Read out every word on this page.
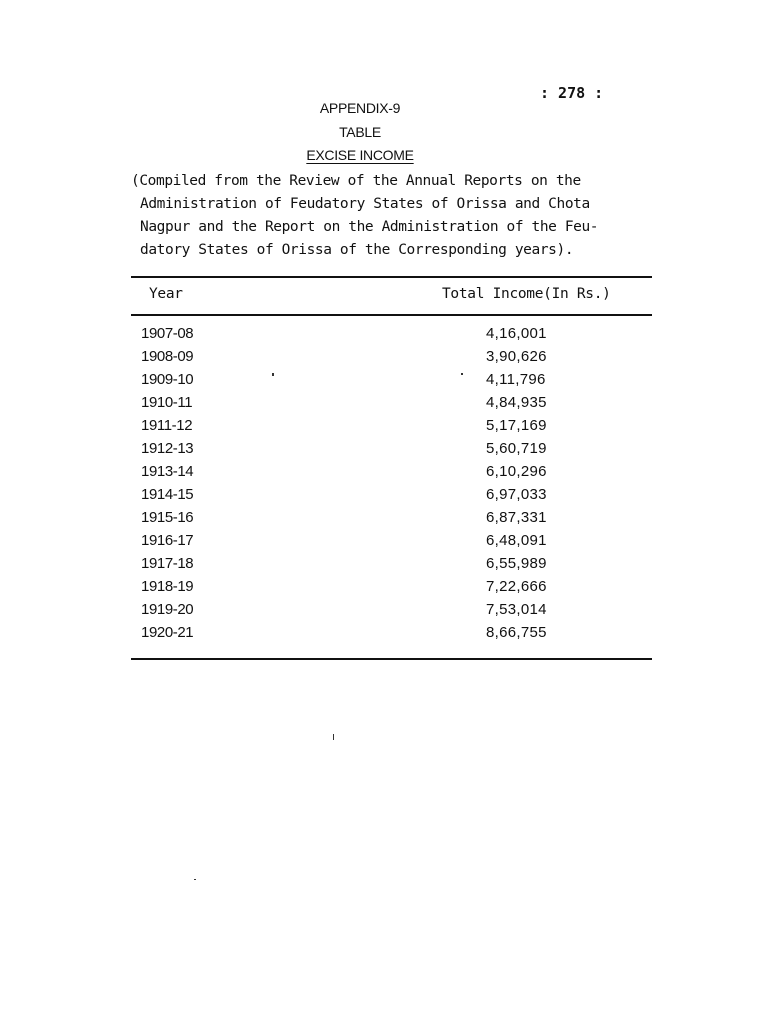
: 278 :
APPENDIX-9
TABLE
EXCISE INCOME

(Compiled from the Review of the Annual Reports on the

Administration of Feudatory States of Orissa and Chota

Nagpur and the Report on the Administration of the Feu-

datory States of Orissa of the Corresponding years).

Year	Total Income(In Rs.)
1907-08	4,16,001
1908-09	3,90,626
1909-10	4,11,796
1910-11	4,84,935
1911-12	5,17,169
1912-13	5,60,719
1913-14	6,10,296
1914-15	6,97,033
1915-16	6,87,331
1916-17	6,48,091
1917-18	6,55,989
1918-19	7,22,666
1919-20	7,53,014
1920-21	8,66,755
